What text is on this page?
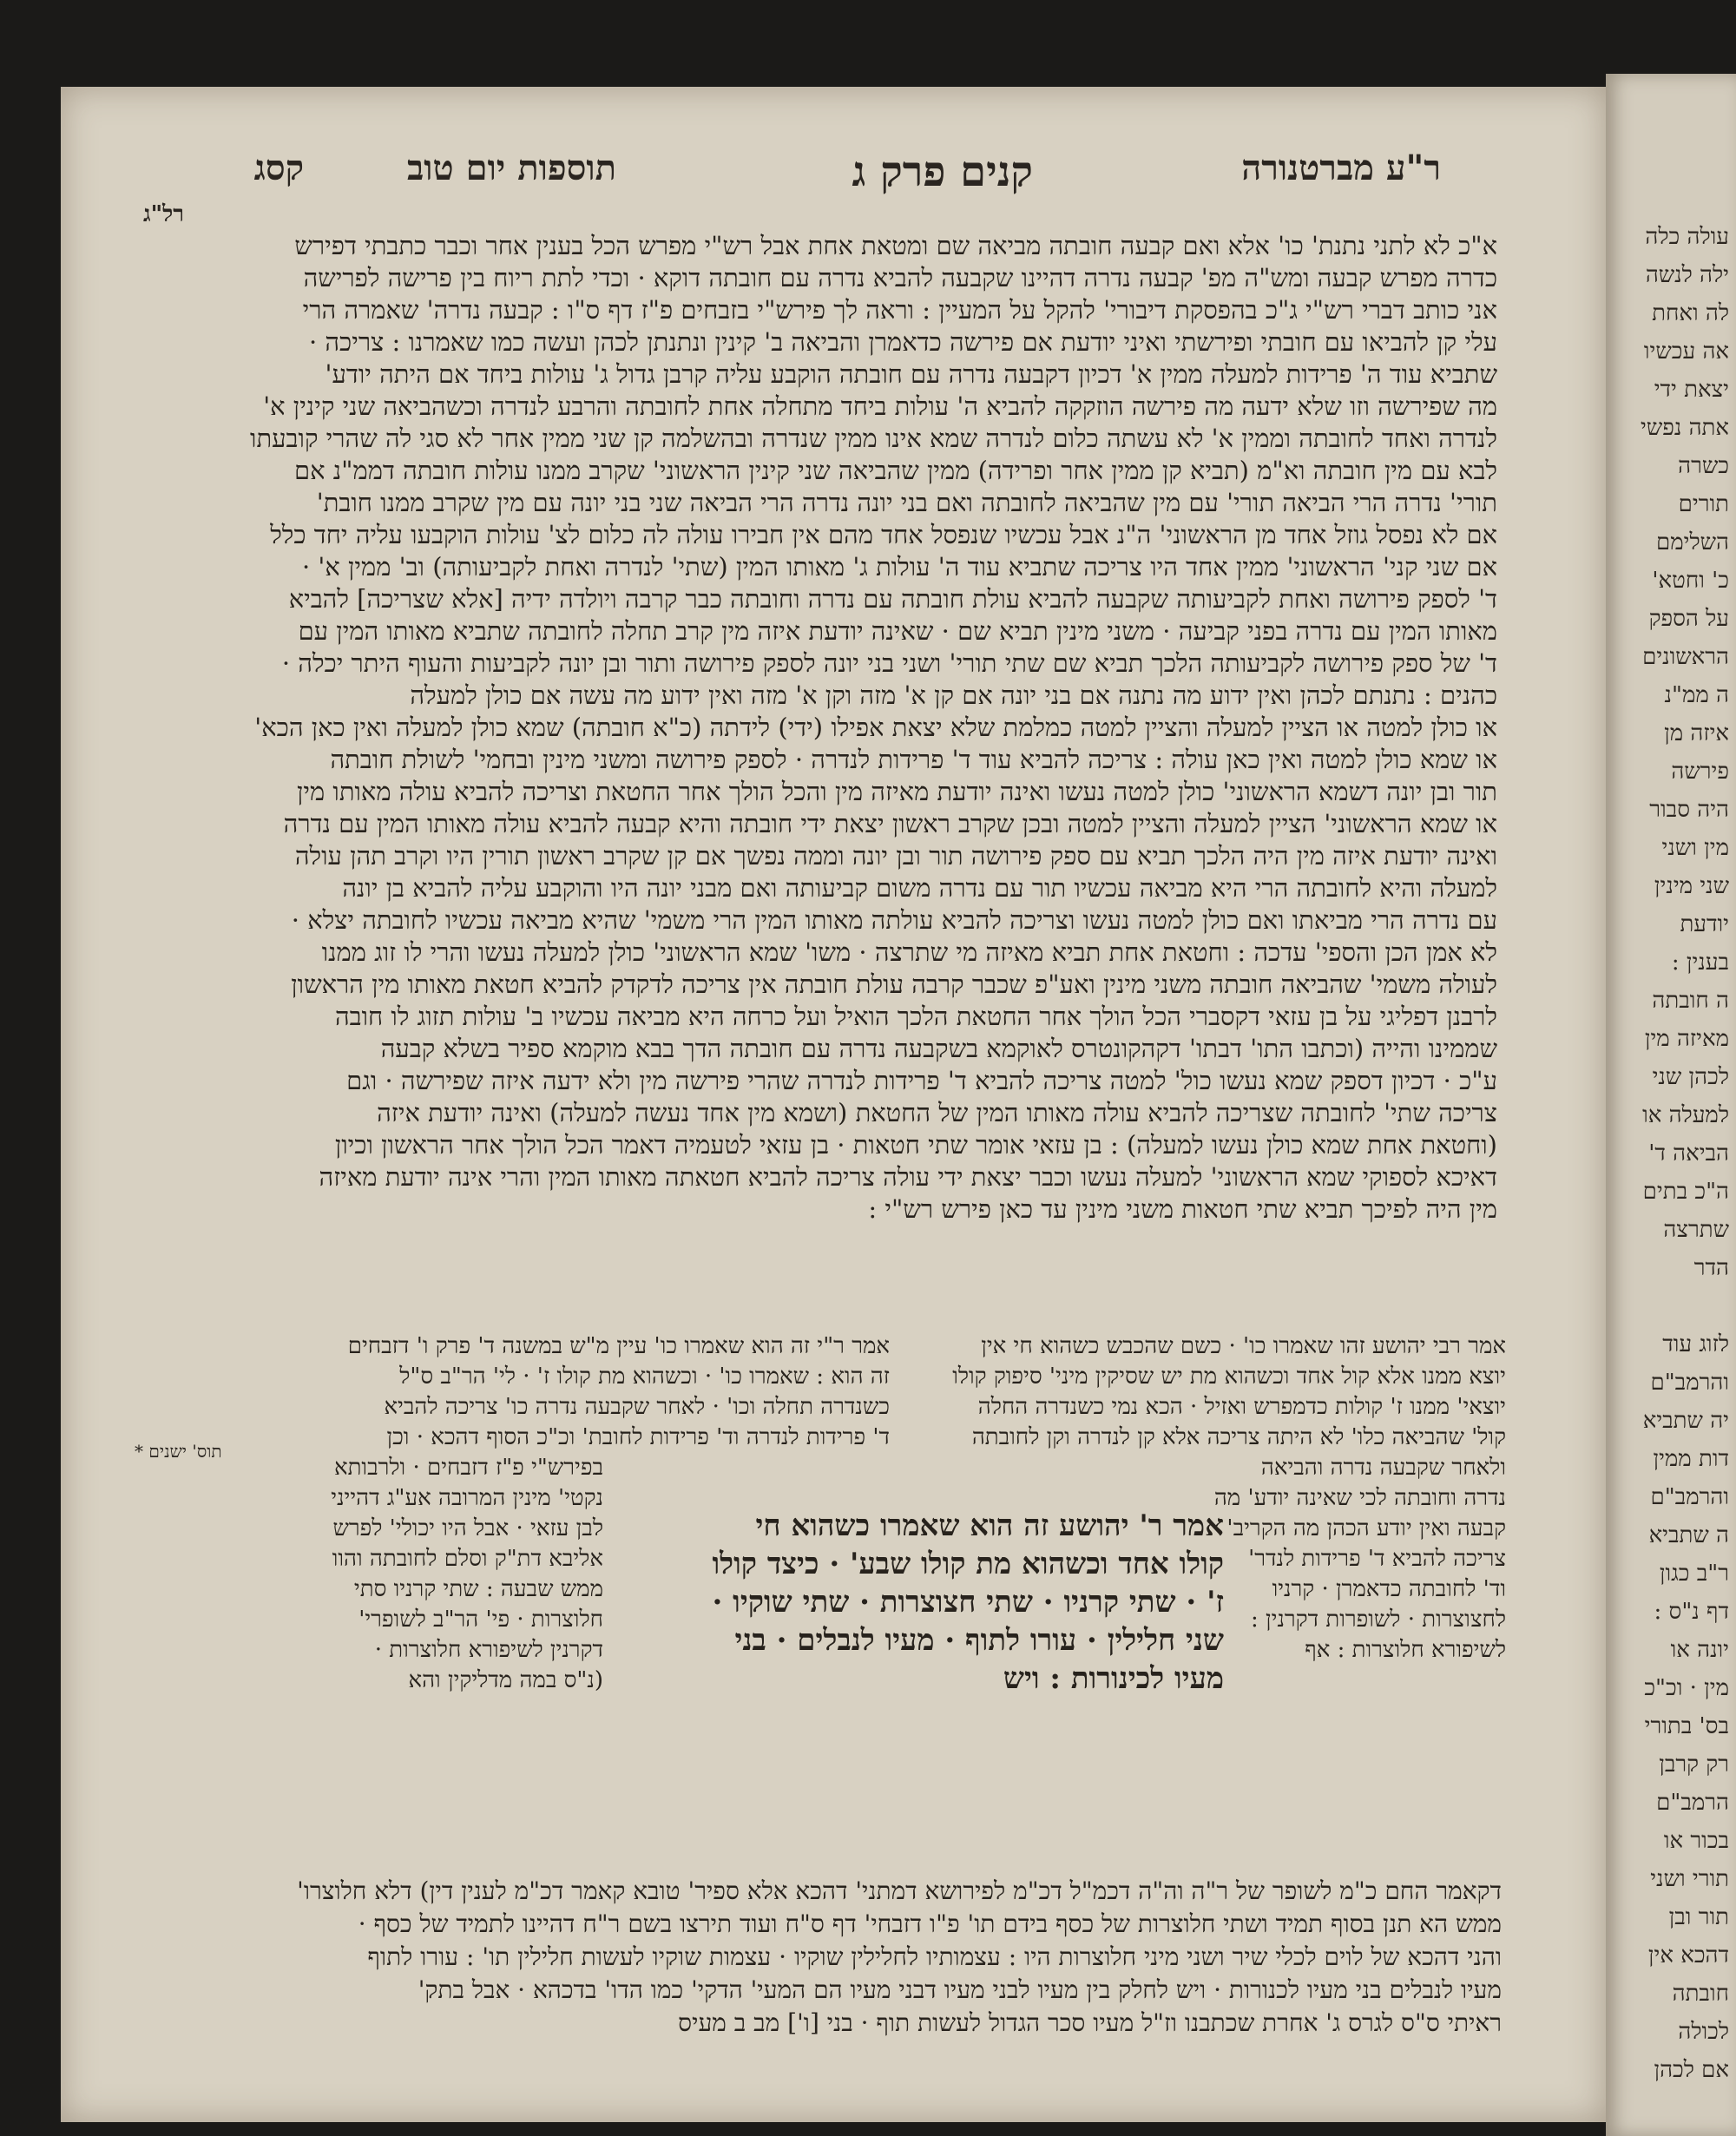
עולה כלה
ילה לנשה
לה ואחת
אה עכשיו
יצאת ידי
אתה נפשי
כשרה
תורים
השלימם
כ' וחטא'
על הספק
הראשונים
ה ממ"נ
איזה מן
פירשה
היה סבור
מין ושני
שני מינין
יודעת
בענין :
ה חובתה
מאיזה מין
לכהן שני
למעלה או
הביאה ד'
ה"כ בתים
שתרצה
הדר
לזוג עוד
והרמב"ם
יה שתביא
דות ממין
והרמב"ם
ה שתביא
ר"ב כגון
דף נ"ס :
יונה או
מין · וכ"כ
בס' בתורי
רק קרבן
הרמב"ם
בכור או
תורי ושני
תור ובן
דהכא אין
חובתה
לכולה
אם לכהן
ר"ע מברטנורה
קנים פרק ג
תוספות יום טוב
קסג
רל"ג
א"כ לא לתני נתנת' כו' אלא ואם קבעה חובתה מביאה שם ומטאת אחת אבל רש"י מפרש הכל בענין אחר וכבר כתבתי דפירש
כדרה מפרש קבעה ומש"ה מפ' קבעה נדרה דהיינו שקבעה להביא נדרה עם חובתה דוקא · וכדי לתת ריוח בין פרישה לפרישה
אני כותב דברי רש"י ג"כ בהפסקת דיבורי' להקל על המעיין : וראה לך פירש"י בזבחים פ"ז דף ס"ו : קבעה נדרה' שאמרה הרי
עלי קן להביאו עם חובתי ופירשתי ואיני יודעת אם פירשה כדאמרן והביאה ב' קינין ונתנתן לכהן ועשה כמו שאמרנו : צריכה ·
שתביא עוד ה' פרידות למעלה ממין א' דכיון דקבעה נדרה עם חובתה הוקבע עליה קרבן גדול ג' עולות ביחד אם היתה יודע'
מה שפירשה וזו שלא ידעה מה פירשה הוזקקה להביא ה' עולות ביחד מתחלה אחת לחובתה והרבע לנדרה וכשהביאה שני קינין א'
לנדרה ואחד לחובתה וממין א' לא עשתה כלום לנדרה שמא אינו ממין שנדרה ובהשלמה קן שני ממין אחר לא סגי לה שהרי קובעתו
לבא עם מין חובתה וא"מ (תביא קן ממין אחר ופרידה) ממין שהביאה שני קינין הראשוני' שקרב ממנו עולות חובתה דממ"נ אם
תורי' נדרה הרי הביאה תורי' עם מין שהביאה לחובתה ואם בני יונה נדרה הרי הביאה שני בני יונה עם מין שקרב ממנו חובת'
אם לא נפסל גוזל אחד מן הראשוני' ה"נ אבל עכשיו שנפסל אחד מהם אין חבירו עולה לה כלום לצ' עולות הוקבעו עליה יחד כלל
אם שני קני' הראשוני' ממין אחד היו צריכה שתביא עוד ה' עולות ג' מאותו המין (שתי' לנדרה ואחת לקביעותה) וב' ממין א' ·
ד' לספק פירושה ואחת לקביעותה שקבעה להביא עולת חובתה עם נדרה וחובתה כבר קרבה ויולדה ידיה [אלא שצריכה] להביא
מאותו המין עם נדרה בפני קביעה · משני מינין תביא שם · שאינה יודעת איזה מין קרב תחלה לחובתה שתביא מאותו המין עם
ד' של ספק פירושה לקביעותה הלכך תביא שם שתי תורי' ושני בני יונה לספק פירושה ותור ובן יונה לקביעות והעוף היתר יכלה ·
כהנים : נתנתם לכהן ואין ידוע מה נתנה אם בני יונה אם קן א' מזה וקן א' מזה ואין ידוע מה עשה אם כולן למעלה
או כולן למטה או הציין למעלה והציין למטה כמלמת שלא יצאת אפילו (ידי) לידתה (כ"א חובתה) שמא כולן למעלה ואין כאן הכא'
או שמא כולן למטה ואין כאן עולה : צריכה להביא עוד ד' פרידות לנדרה · לספק פירושה ומשני מינין ובחמי' לשולת חובתה
תור ובן יונה דשמא הראשוני' כולן למטה נעשו ואינה יודעת מאיזה מין והכל הולך אחר החטאת וצריכה להביא עולה מאותו מין
או שמא הראשוני' הציין למעלה והציין למטה ובכן שקרב ראשון יצאת ידי חובתה והיא קבעה להביא עולה מאותו המין עם נדרה
ואינה יודעת איזה מין היה הלכך תביא עם ספק פירושה תור ובן יונה וממה נפשך אם קן שקרב ראשון תורין היו וקרב תהן עולה
למעלה והיא לחובתה הרי היא מביאה עכשיו תור עם נדרה משום קביעותה ואם מבני יונה היו והוקבע עליה להביא בן יונה
עם נדרה הרי מביאתו ואם כולן למטה נעשו וצריכה להביא עולתה מאותו המין הרי משמי' שהיא מביאה עכשיו לחובתה יצלא ·
לא אמן הכן והספי' עדכה : וחטאת אחת תביא מאיזה מי שתרצה · משו' שמא הראשוני' כולן למעלה נעשו והרי לו זוג ממנו
לעולה משמי' שהביאה חובתה משני מינין ואע"פ שכבר קרבה עולת חובתה אין צריכה לדקדק להביא חטאת מאותו מין הראשון
לרבנן דפליגי על בן עזאי דקסברי הכל הולך אחר החטאת הלכך הואיל ועל כרחה היא מביאה עכשיו ב' עולות תזוג לו חובה
שממינו והייה (וכתבו התו' דבתו' דקהקונטרס לאוקמא בשקבעה נדרה עם חובתה הדך בבא מוקמא ספיר בשלא קבעה
ע"כ · דכיון דספק שמא נעשו כול' למטה צריכה להביא ד' פרידות לנדרה שהרי פירשה מין ולא ידעה איזה שפירשה · וגם
צריכה שתי' לחובתה שצריכה להביא עולה מאותו המין של החטאת (ושמא מין אחד נעשה למעלה) ואינה יודעת איזה
(וחטאת אחת שמא כולן נעשו למעלה) : בן עזאי אומר שתי חטאות · בן עזאי לטעמיה דאמר הכל הולך אחר הראשון וכיון
דאיכא לספוקי שמא הראשוני' למעלה נעשו וכבר יצאת ידי עולה צריכה להביא חטאתה מאותו המין והרי אינה יודעת מאיזה
מין היה לפיכך תביא שתי חטאות משני מינין עד כאן פירש רש"י :
אמר רבי יהושע זהו שאמרו כו' · כשם שהכבש כשהוא חי אין
יוצא ממנו אלא קול אחד וכשהוא מת יש שסיקין מיני' סיפוק קולו
יוצאי' ממנו ז' קולות כדמפרש ואזיל · הכא נמי כשנדרה החלה
קול' שהביאה כלו' לא היתה צריכה אלא קן לנדרה וקן לחובתה
ולאחר שקבעה נדרה והביאה
נדרה וחובתה לכי שאינה יודע' מה
קבעה ואין יודע הכהן מה הקריב'
צריכה להביא ד' פרידות לנדר'
וד' לחובתה כדאמרן · קרניו
לחצוצרות · לשופרות דקרנין :
לשיפורא חלוצרות : אף
אמר ר"י זה הוא שאמרו כו' עיין מ"ש במשנה ד' פרק ו' דזבחים
זה הוא : שאמרו כו' · וכשהוא מת קולו ז' · לי' הר"ב ס"ל
כשנדרה תחלה וכו' · לאחר שקבעה נדרה כו' צריכה להביא
ד' פרידות לנדרה וד' פרידות לחובת' וכ"כ הסוף דהכא · וכן
בפירש"י פ"ז דזבחים · ולרבותא
נקטי' מינין המרובה אע"ג דהייני
לבן עזאי · אבל היו יכולי' לפרש
אליבא דת"ק וסלם לחובתה והוו
ממש שבעה : שתי קרניו סתי
חלוצרות · פי' הר"ב לשופרי'
דקרנין לשיפורא חלוצרות ·
(נ"ס במה מדליקין והא
אמר ר' יהושע זה הוא שאמרו כשהוא חי
קולו אחד וכשהוא מת קולו שבע' · כיצד קולו
ז' · שתי קרניו · שתי חצוצרות · שתי שוקיו ·
שני חלילין · עורו לתוף · מעיו לנבלים · בני
מעיו לכינורות : ויש
דקאמר החם כ"מ לשופר של ר"ה וה"ה דכמ"ל דכ"מ לפירושא דמתני' דהכא אלא ספיר' טובא קאמר דכ"מ לענין דין) דלא חלוצרו'
ממש הא תנן בסוף תמיד ושתי חלוצרות של כסף בידם תו' פ"ו דזבחי' דף ס"ח ועוד תירצו בשם ר"ח דהיינו לתמיד של כסף ·
והני דהכא של לוים לכלי שיר ושני מיני חלוצרות היו : עצמותיו לחלילין שוקיו · עצמות שוקיו לעשות חלילין תו' : עורו לתוף
מעיו לנבלים בני מעיו לכנורות · ויש לחלק בין מעיו לבני מעיו דבני מעיו הם המעי' הדקי' כמו הדו' בדכהא · אבל בתק'
ראיתי ס"ס לגרס ג' אחרת שכתבנו וז"ל מעיו סכר הגדול לעשות תוף · בני [ו'] מב ב מעיס
* תוס' ישנים
